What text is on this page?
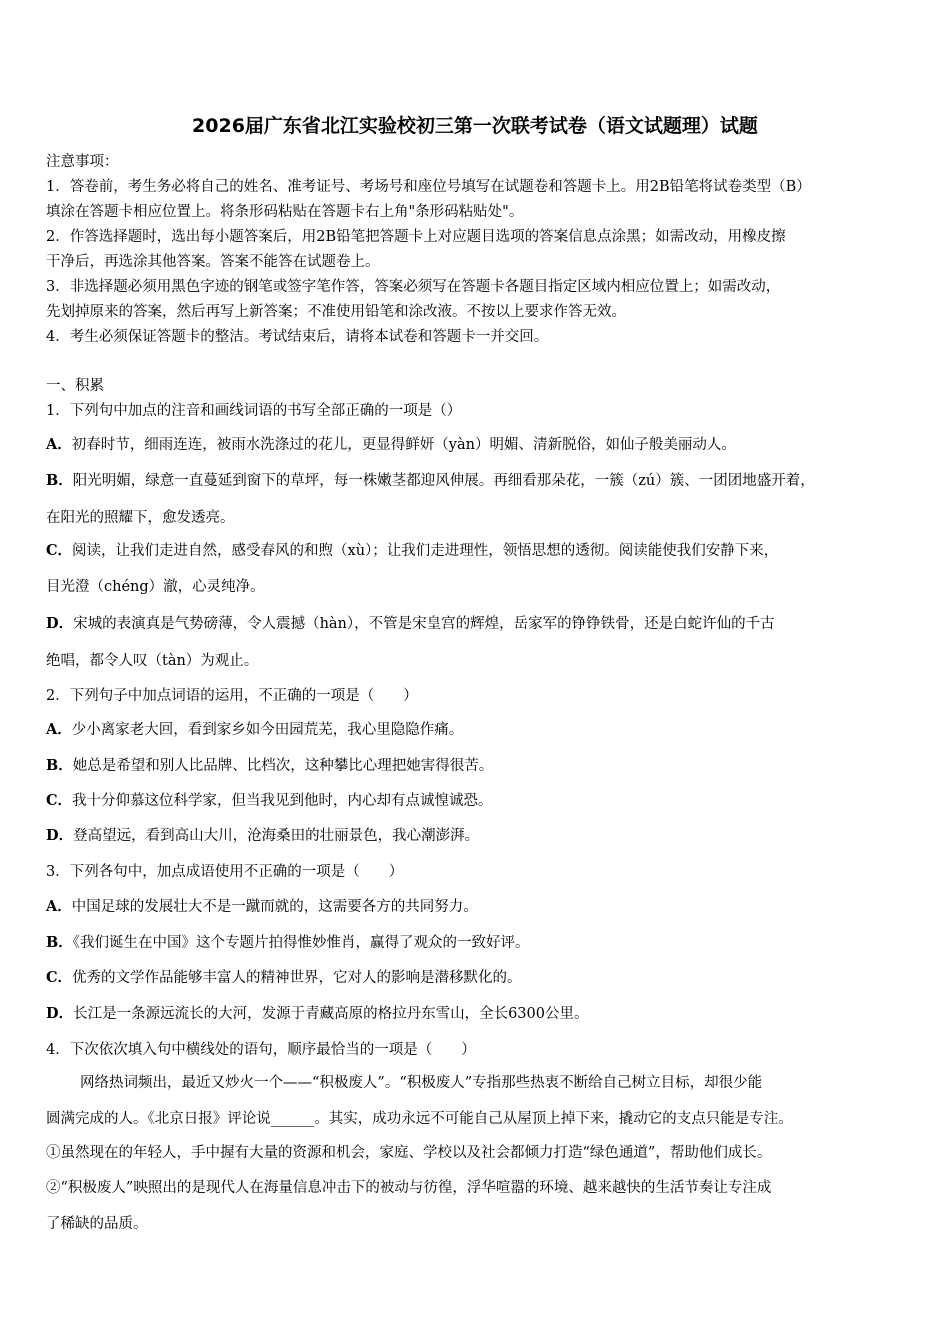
2026届广东省北江实验校初三第一次联考试卷（语文试题理）试题
注意事项：
1．答卷前，考生务必将自己的姓名、准考证号、考场号和座位号填写在试题卷和答题卡上。用2B铅笔将试卷类型（B）
填涂在答题卡相应位置上。将条形码粘贴在答题卡右上角"条形码粘贴处"。
2．作答选择题时，选出每小题答案后，用2B铅笔把答题卡上对应题目选项的答案信息点涂黑；如需改动，用橡皮擦
干净后，再选涂其他答案。答案不能答在试题卷上。
3．非选择题必须用黑色字迹的钢笔或签字笔作答，答案必须写在答题卡各题目指定区域内相应位置上；如需改动，
先划掉原来的答案，然后再写上新答案；不准使用铅笔和涂改液。不按以上要求作答无效。
4．考生必须保证答题卡的整洁。考试结束后，请将本试卷和答题卡一并交回。
一、积累
1．下列句中加点的注音和画线词语的书写全部正确的一项是（）
A．初春时节，细雨连连，被雨水洗涤过的花儿，更显得鲜妍（yàn）明媚、清新脱俗，如仙子般美丽动人。
B．阳光明媚，绿意一直蔓延到窗下的草坪，每一株嫩茎都迎风伸展。再细看那朵花，一簇（zú）簇、一团团地盛开着，
在阳光的照耀下，愈发透亮。
C．阅读，让我们走进自然，感受春风的和煦（xù）；让我们走进理性，领悟思想的透彻。阅读能使我们安静下来，
目光澄（chéng）澈，心灵纯净。
D．宋城的表演真是气势磅薄，令人震撼（hàn），不管是宋皇宫的辉煌，岳家军的铮铮铁骨，还是白蛇许仙的千古
绝唱，都令人叹（tàn）为观止。
2．下列句子中加点词语的运用，不正确的一项是（　　）
A．少小离家老大回，看到家乡如今田园荒芜，我心里隐隐作痛。
B．她总是希望和别人比品牌、比档次，这种攀比心理把她害得很苦。
C．我十分仰慕这位科学家，但当我见到他时，内心却有点诚惶诚恐。
D．登高望远，看到高山大川，沧海桑田的壮丽景色，我心潮澎湃。
3．下列各句中，加点成语使用不正确的一项是（　　）
A．中国足球的发展壮大不是一蹴而就的，这需要各方的共同努力。
B．《我们诞生在中国》这个专题片拍得惟妙惟肖，赢得了观众的一致好评。
C．优秀的文学作品能够丰富人的精神世界，它对人的影响是潜移默化的。
D．长江是一条源远流长的大河，发源于青藏高原的格拉丹东雪山，全长6300公里。
4．下次依次填入句中横线处的语句，顺序最恰当的一项是（　　）
网络热词频出，最近又炒火一个——“积极废人”。“积极废人”专指那些热衷不断给自己树立目标，却很少能
圆满完成的人。《北京日报》评论说______。其实，成功永远不可能自己从屋顶上掉下来，撬动它的支点只能是专注。
①虽然现在的年轻人，手中握有大量的资源和机会，家庭、学校以及社会都倾力打造“绿色通道”，帮助他们成长。
②“积极废人”映照出的是现代人在海量信息冲击下的被动与彷徨，浮华喧嚣的环境、越来越快的生活节奏让专注成
了稀缺的品质。
